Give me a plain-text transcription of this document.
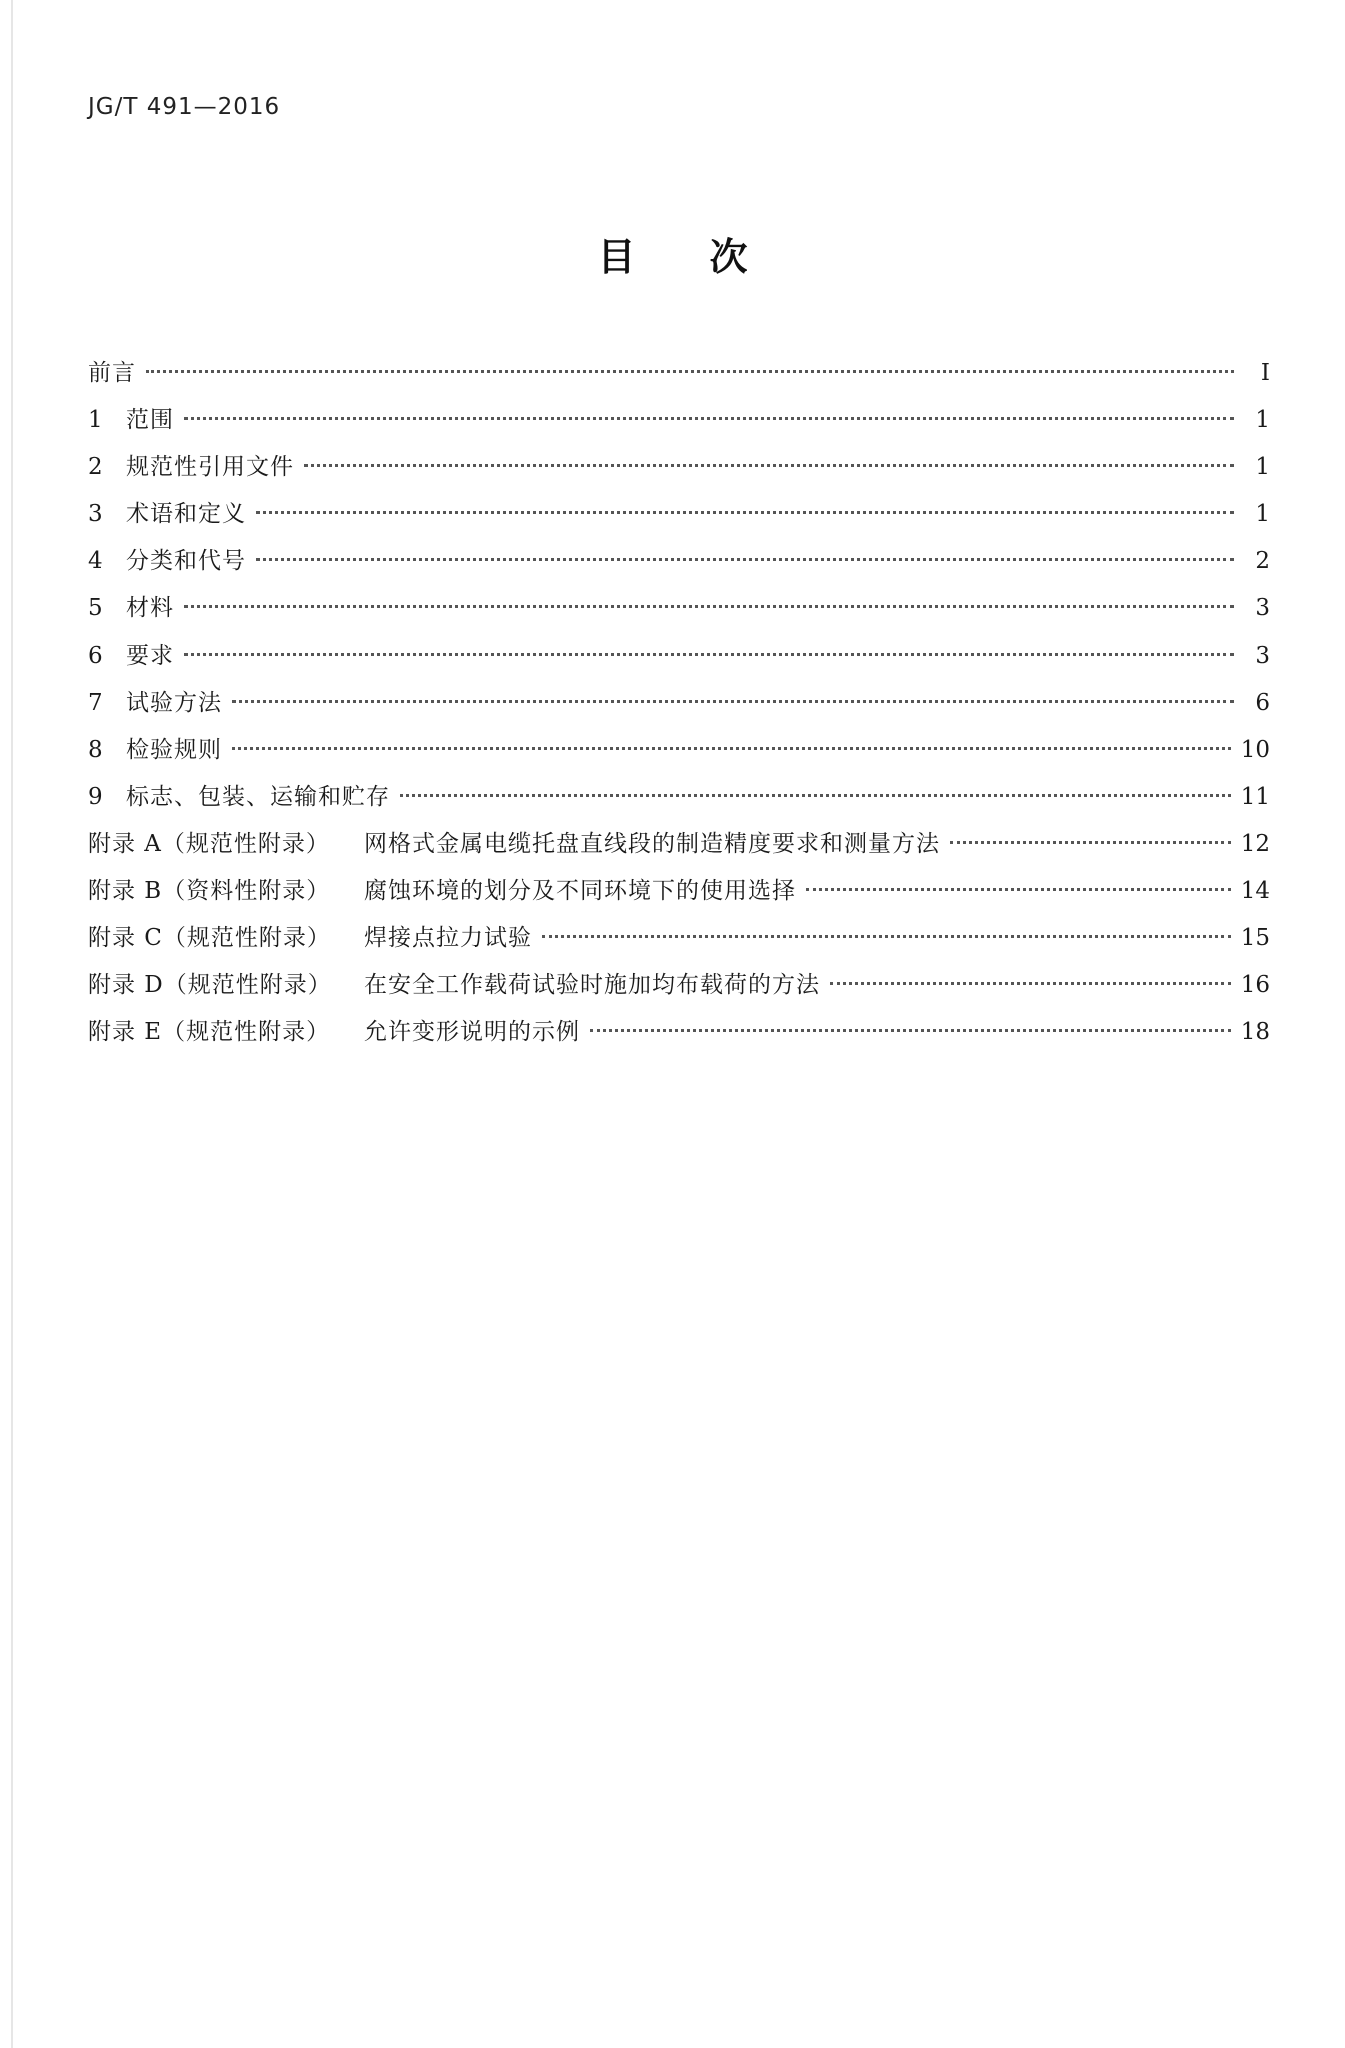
JG/T 491—2016
目次
前言	I
1	范围	1
2	规范性引用文件	1
3	术语和定义	1
4	分类和代号	2
5	材料	3
6	要求	3
7	试验方法	6
8	检验规则	10
9	标志、包装、运输和贮存	11
附录 A（规范性附录）	网格式金属电缆托盘直线段的制造精度要求和测量方法	12
附录 B（资料性附录）	腐蚀环境的划分及不同环境下的使用选择	14
附录 C（规范性附录）	焊接点拉力试验	15
附录 D（规范性附录）	在安全工作载荷试验时施加均布载荷的方法	16
附录 E（规范性附录）	允许变形说明的示例	18
